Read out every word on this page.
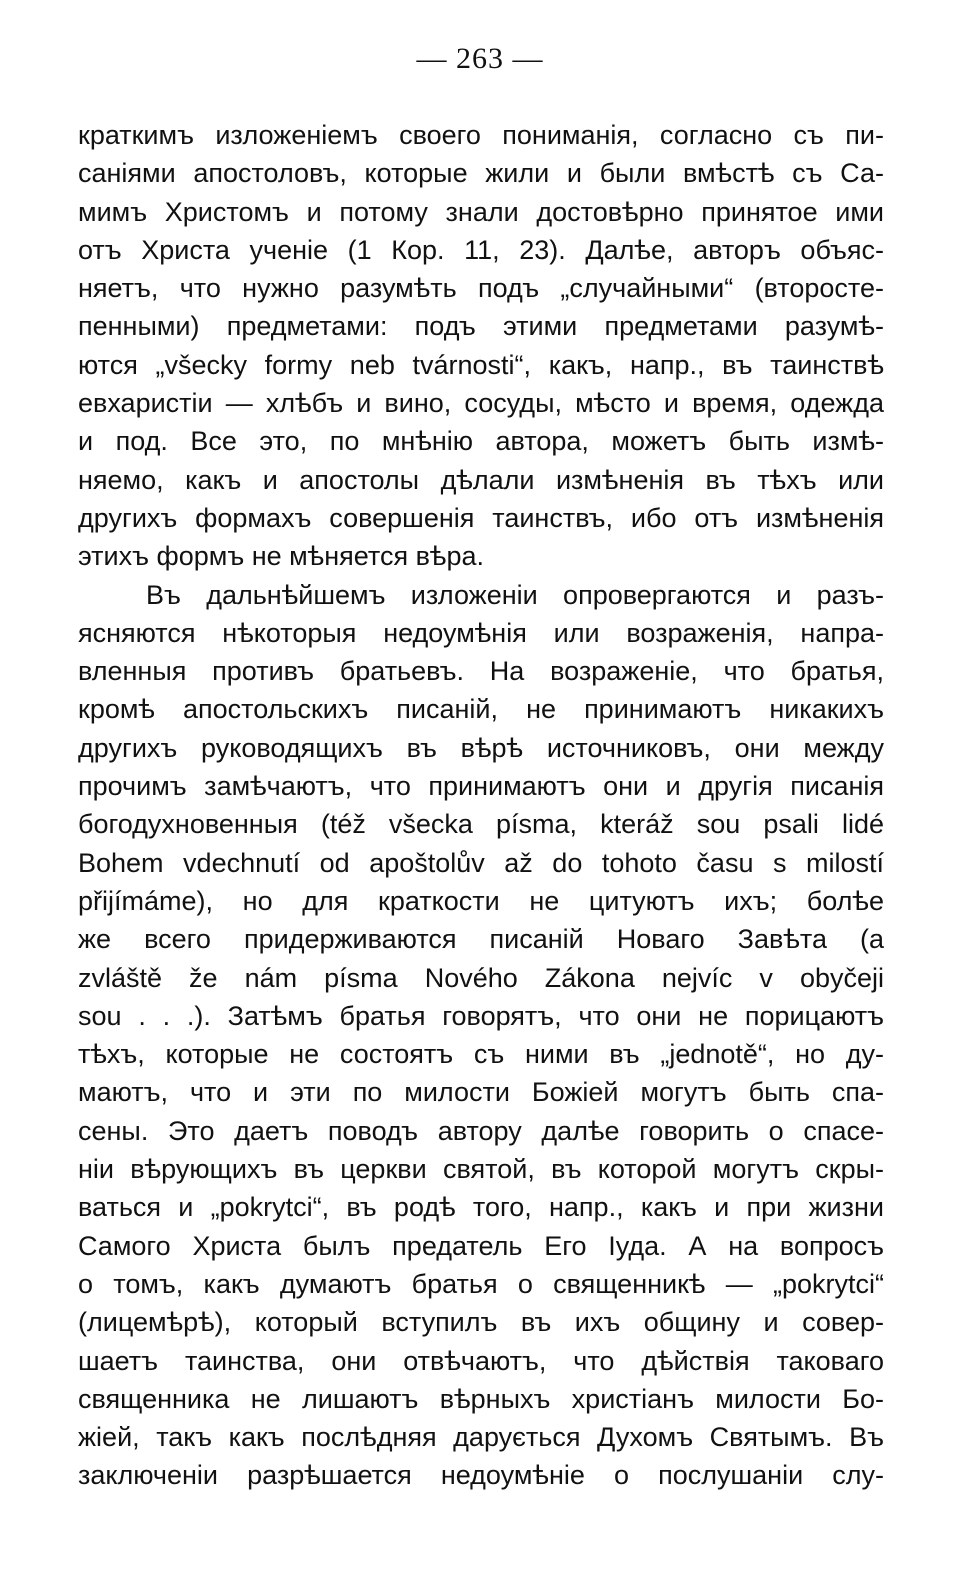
— 263 —
краткимъ изложеніемъ своего пониманія, согласно съ пи-
саніями апостоловъ, которые жили и были вмѣстѣ съ Са-
мимъ Христомъ и потому знали достовѣрно принятое ими
отъ Христа ученіе (1 Кор. 11, 23). Далѣе, авторъ объяс-
няетъ, что нужно разумѣть подъ „случайными“ (второсте-
пенными) предметами: подъ этими предметами разумѣ-
ются „všecky formy neb tvárnosti“, какъ, напр., въ таинствѣ
евхаристіи — хлѣбъ и вино, сосуды, мѣсто и время, одежда
и под. Все это, по мнѣнію автора, можетъ быть измѣ-
няемо, какъ и апостолы дѣлали измѣненія въ тѣхъ или
другихъ формахъ совершенія таинствъ, ибо отъ измѣненія
этихъ формъ не мѣняется вѣра.
Въ дальнѣйшемъ изложеніи опровергаются и разъ-
ясняются нѣкоторыя недоумѣнія или возраженія, напра-
вленныя противъ братьевъ. На возраженіе, что братья,
кромѣ апостольскихъ писаній, не принимаютъ никакихъ
другихъ руководящихъ въ вѣрѣ источниковъ, они между
прочимъ замѣчаютъ, что принимаютъ они и другія писанія
богодухновенныя (též všecka písma, kteráž sou psali lidé
Bohem vdechnutí od apoštolův až do tohoto času s milostí
přijímáme), но для краткости не цитуютъ ихъ; болѣе
же всего придерживаются писаній Новаго Завѣта (a
zvláště že nám písma Nového Zákona nejvíc v obyčeji
sou . . .). Затѣмъ братья говорятъ, что они не порицаютъ
тѣхъ, которые не состоятъ съ ними въ „jednotě“, но ду-
маютъ, что и эти по милости Божіей могутъ быть спа-
сены. Это даетъ поводъ автору далѣе говорить о спасе-
ніи вѣрующихъ въ церкви святой, въ которой могутъ скры-
ваться и „pokrytci“, въ родѣ того, напр., какъ и при жизни
Самого Христа былъ предатель Его Іуда. А на вопросъ
о томъ, какъ думаютъ братья о священникѣ — „pokrytci“
(лицемѣрѣ), который вступилъ въ ихъ общину и совер-
шаетъ таинства, они отвѣчаютъ, что дѣйствія таковаго
священника не лишаютъ вѣрныхъ христіанъ милости Бо-
жіей, такъ какъ послѣдняя дарується Духомъ Святымъ. Въ
заключеніи разрѣшается недоумѣніе о послушаніи слу-
